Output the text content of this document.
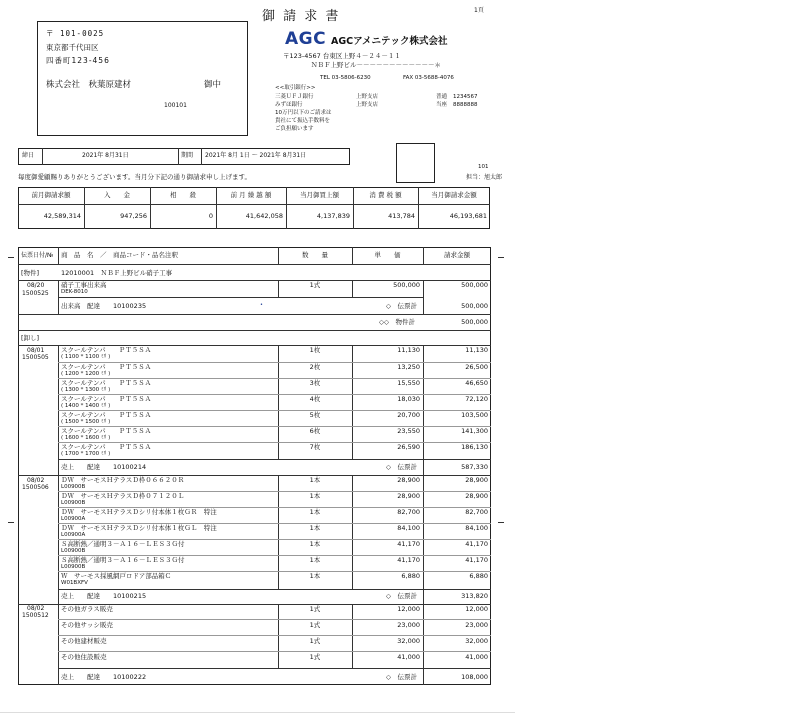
御 請 求 書	1頁
〒 101-0025
東京都千代田区
四番町123-456
株式会社　秋葉原建材	御中
100101
AGC AGCアメニテック株式会社
〒123-4567 台東区上野４－２４－１１
ＮＢＦ上野ビル－－－－－－－－－－－－＊
TEL 03-5806-6230	FAX 03-5688-4076
<<取引銀行>>
三菱ＵＦＪ銀行	上野支店	普通 1234567
みずほ銀行	上野支店	当座 8888888
10万円以下のご請求は
貴社にて振込手数料を
ご負担願います
101
担当：旭太郎
締日	2021年 8月31日	期間 2021年 8月 1日 ～ 2021年 8月31日
毎度御愛顧賜りありがとうございます。当月分下記の通り御請求申し上げます。
前月御請求額	入　　金	相　　殺	前 月 繰 越 額	当月御買上額	消 費 税 額	当月御請求金額
42,589,314	947,256	0	41,642,058	4,137,839	413,784	46,193,681
伝票日付/№	商　品　名　／　商品コード・品名注釈	数　　量	単　　価	請求金額
[物件]	12010001　ＮＢＦ上野ビル硝子工事
08/20
1500525
硝子工事出来高
DEK-8010
1式	500,000	500,000
◇　伝票計	500,000
出来高　配達　　10100235	•
◇◇　物件計	500,000
[卸し]
08/01
1500505
スクールテンパ　　ＰＴ５ＳＡ
( 1100 * 1100 ﾐﾘ )
1枚	11,130	11,130
スクールテンパ　　ＰＴ５ＳＡ
( 1200 * 1200 ﾐﾘ )
2枚	13,250	26,500
スクールテンパ　　ＰＴ５ＳＡ
( 1300 * 1300 ﾐﾘ )
3枚	15,550	46,650
スクールテンパ　　ＰＴ５ＳＡ
( 1400 * 1400 ﾐﾘ )
4枚	18,030	72,120
スクールテンパ　　ＰＴ５ＳＡ
( 1500 * 1500 ﾐﾘ )
5枚	20,700	103,500
スクールテンパ　　ＰＴ５ＳＡ
( 1600 * 1600 ﾐﾘ )
6枚	23,550	141,300
スクールテンパ　　ＰＴ５ＳＡ
( 1700 * 1700 ﾐﾘ )
7枚	26,590	186,130
売上　　配達　　10100214	◇　伝票計	587,330
08/02
1500506
ＤＷ　サーモスＨテラスＤ枠０６６２０Ｒ
L00900B
1本	28,900	28,900
ＤＷ　サーモスＨテラスＤ枠０７１２０Ｌ
L00900B
1本	28,900	28,900
ＤＷ　サーモスＨテラスＤシリ付本体１枚ＧＲ　特注
L00900A
1本	82,700	82,700
ＤＷ　サーモスＨテラスＤシリ付本体１枚ＧＬ　特注
L00900A
1本	84,100	84,100
Ｓ高断熱／通明３－Ａ１６－ＬＥＳ３Ｇ付
L00900B
1本	41,170	41,170
Ｓ高断熱／通明３－Ａ１６－ＬＥＳ３Ｇ付
L00900B
1本	41,170	41,170
Ｗ　サーモス採風網戸ロドア部品箱Ｃ
W01BXFV
1本	6,880	6,880
売上　　配達　　10100215	◇　伝票計	313,820
08/02
1500512
その他ガラス販売	1式	12,000	12,000
その他サッシ販売	1式	23,000	23,000
その他建材販売	1式	32,000	32,000
その他住設販売	1式	41,000	41,000
売上　　配達　　10100222	◇　伝票計	108,000
